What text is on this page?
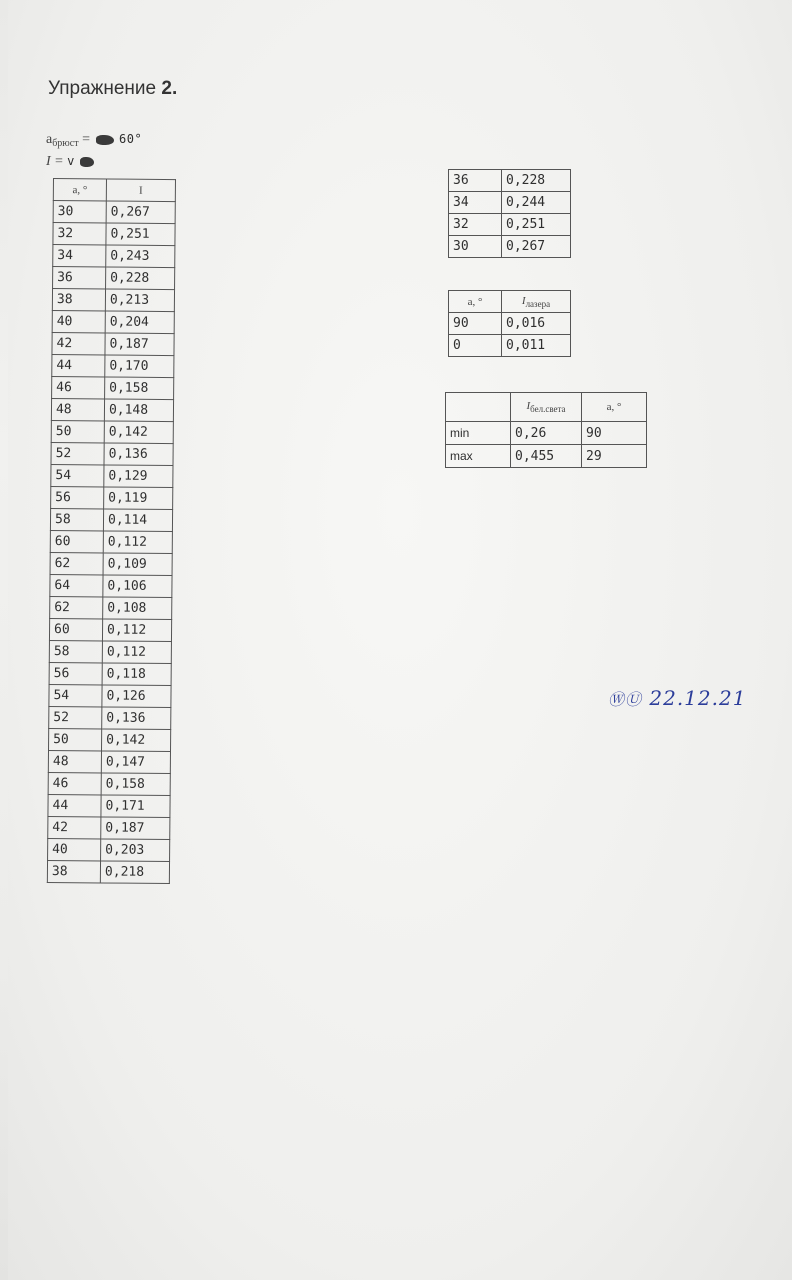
Упражнение 2.
$a_{брюст} = 60^\circ$
I = v
a, °	I
30	0,267
32	0,251
34	0,243
36	0,228
38	0,213
40	0,204
42	0,187
44	0,170
46	0,158
48	0,148
50	0,142
52	0,136
54	0,129
56	0,119
58	0,114
60	0,112
62	0,109
64	0,106
62	0,108
60	0,112
58	0,112
56	0,118
54	0,126
52	0,136
50	0,142
48	0,147
46	0,158
44	0,171
42	0,187
40	0,203
38	0,218
36	0,228
34	0,244
32	0,251
30	0,267
a, °	$I_{лазера}$
90	0,016
0	0,011
	$I_{бел.света}$	a, °
min	0,26	90
max	0,455	29
ⓌⓊ 22.12.21
